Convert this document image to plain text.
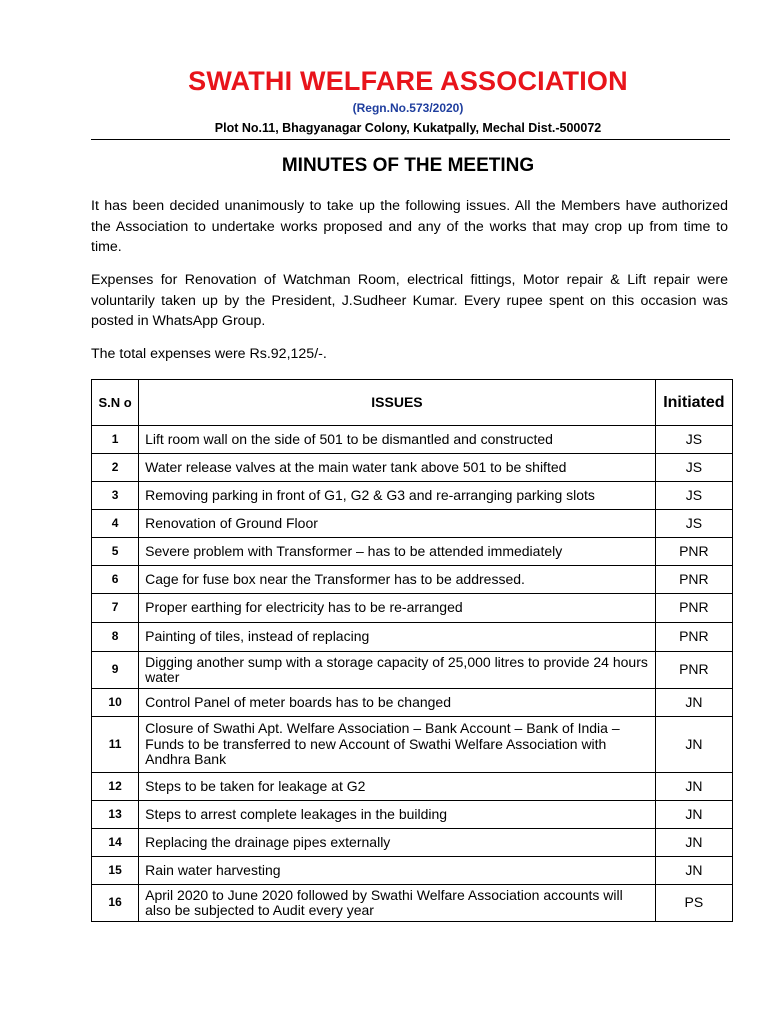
SWATHI WELFARE ASSOCIATION
(Regn.No.573/2020)
Plot No.11, Bhagyanagar Colony, Kukatpally, Mechal Dist.-500072
MINUTES OF THE MEETING

It has been decided unanimously to take up the following issues. All the Members have authorized the Association to undertake works proposed and any of the works that may crop up from time to time.

Expenses for Renovation of Watchman Room, electrical fittings, Motor repair & Lift repair were voluntarily taken up by the President, J.Sudheer Kumar. Every rupee spent on this occasion was posted in WhatsApp Group.

The total expenses were Rs.92,125/-.

S.N o	ISSUES	Initiated
1	Lift room wall on the side of 501 to be dismantled and constructed	JS
2	Water release valves at the main water tank above 501 to be shifted	JS
3	Removing parking in front of G1, G2 & G3 and re-arranging parking slots	JS
4	Renovation of Ground Floor	JS
5	Severe problem with Transformer – has to be attended immediately	PNR
6	Cage for fuse box near the Transformer has to be addressed.	PNR
7	Proper earthing for electricity has to be re-arranged	PNR
8	Painting of tiles, instead of replacing	PNR
9	Digging another sump with a storage capacity of 25,000 litres to provide 24 hours water	PNR
10	Control Panel of meter boards has to be changed	JN
11	Closure of Swathi Apt. Welfare Association – Bank Account – Bank of India – Funds to be transferred to new Account of Swathi Welfare Association with Andhra Bank	JN
12	Steps to be taken for leakage at G2	JN
13	Steps to arrest complete leakages in the building	JN
14	Replacing the drainage pipes externally	JN
15	Rain water harvesting	JN
16	April 2020 to June 2020 followed by Swathi Welfare Association accounts will also be subjected to Audit every year	PS
